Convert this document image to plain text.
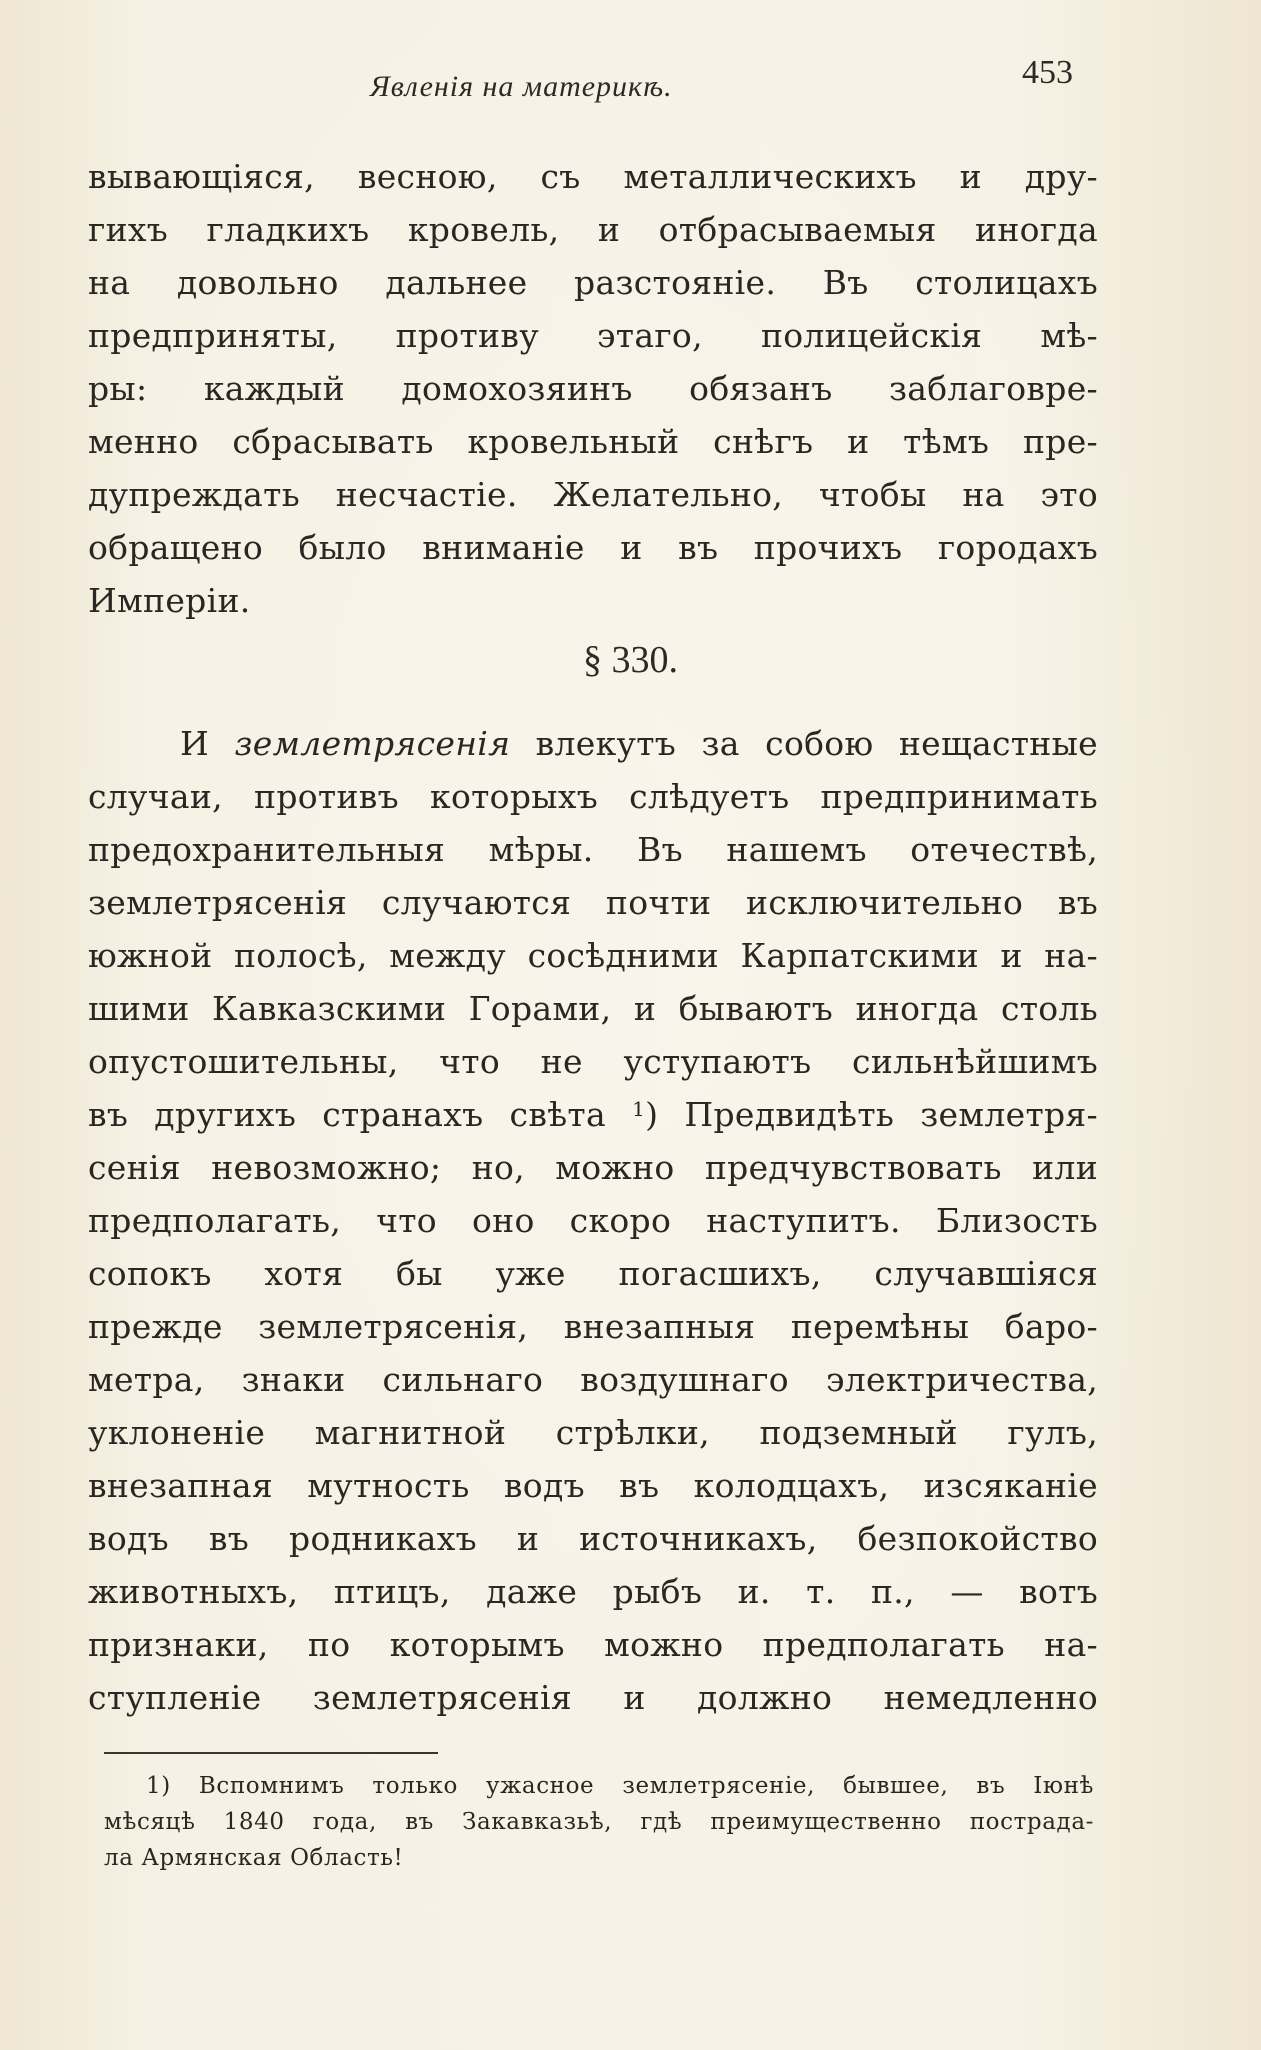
Явленія на материкѣ.	453
вывающіяся, весною, съ металлическихъ и дру-
гихъ гладкихъ кровель, и отбрасываемыя иногда
на довольно дальнее разстояніе. Въ столицахъ
предприняты, противу этаго, полицейскія мѣ-
ры: каждый домохозяинъ обязанъ заблаговре-
менно сбрасывать кровельный снѣгъ и тѣмъ пре-
дупреждать несчастіе. Желательно, чтобы на это
обращено было вниманіе и въ прочихъ городахъ
Имперіи.
§ 330.
И землетрясенія влекутъ за собою нещастные
случаи, противъ которыхъ слѣдуетъ предпринимать
предохранительныя мѣры. Въ нашемъ отечествѣ,
землетрясенія случаются почти исключительно въ
южной полосѣ, между сосѣдними Карпатскими и на-
шими Кавказскими Горами, и бываютъ иногда столь
опустошительны, что не уступаютъ сильнѣйшимъ
въ другихъ странахъ свѣта $^1$) Предвидѣть землетря-
сенія невозможно; но, можно предчувствовать или
предполагать, что оно скоро наступитъ. Близость
сопокъ хотя бы уже погасшихъ, случавшіяся
прежде землетрясенія, внезапныя перемѣны баро-
метра, знаки сильнаго воздушнаго электричества,
уклоненіе магнитной стрѣлки, подземный гулъ,
внезапная мутность водъ въ колодцахъ, изсяканіе
водъ въ родникахъ и источникахъ, безпокойство
животныхъ, птицъ, даже рыбъ и. т. п., — вотъ
признаки, по которымъ можно предполагать на-
ступленіе землетрясенія и должно немедленно
1) Вспомнимъ только ужасное землетрясеніе, бывшее, въ Іюнѣ
мѣсяцѣ 1840 года, въ Закавказьѣ, гдѣ преимущественно пострада-
ла Армянская Область!
